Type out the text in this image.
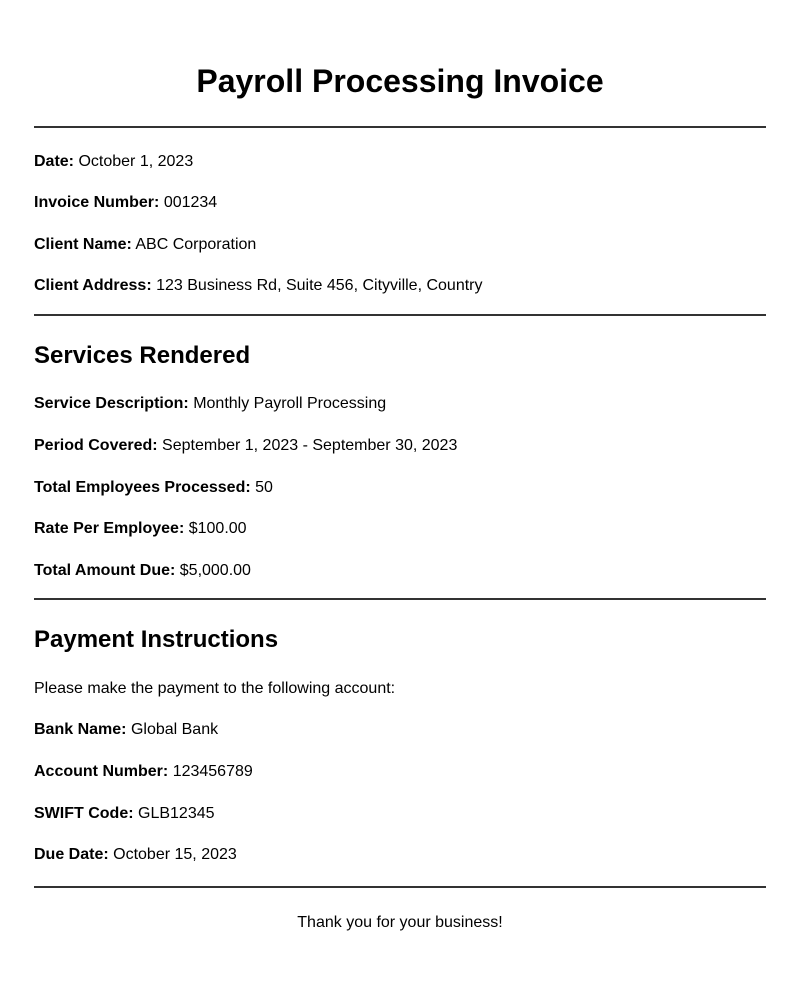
Payroll Processing Invoice

Date: October 1, 2023

Invoice Number: 001234

Client Name: ABC Corporation

Client Address: 123 Business Rd, Suite 456, Cityville, Country

Services Rendered

Service Description: Monthly Payroll Processing

Period Covered: September 1, 2023 - September 30, 2023

Total Employees Processed: 50

Rate Per Employee: $100.00

Total Amount Due: $5,000.00

Payment Instructions

Please make the payment to the following account:

Bank Name: Global Bank

Account Number: 123456789

SWIFT Code: GLB12345

Due Date: October 15, 2023

Thank you for your business!
